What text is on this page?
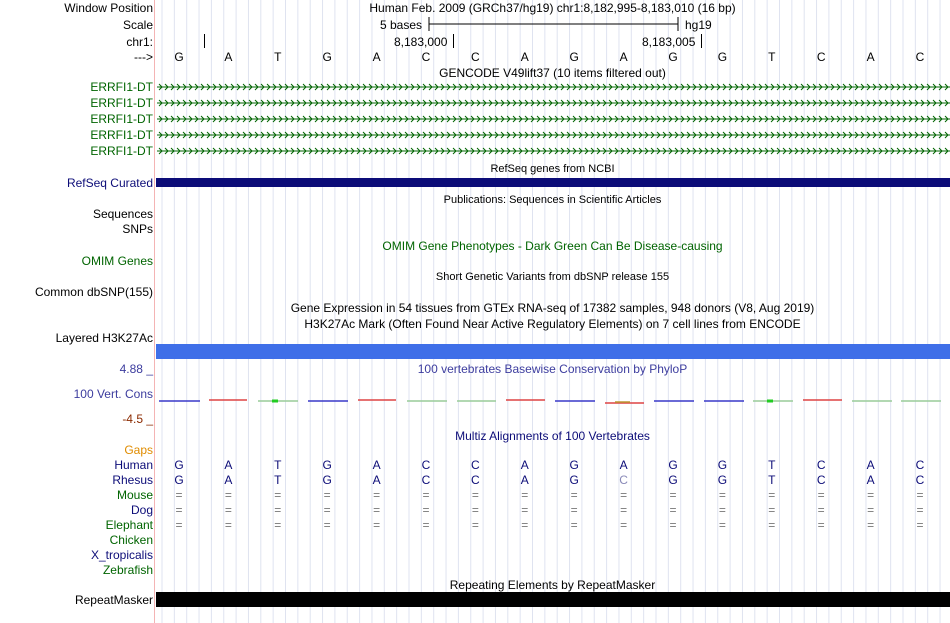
Window Position	Human Feb. 2009 (GRCh37/hg19) chr1:8,182,995-8,183,010 (16 bp)
Scale	5 bases	hg19
chr1:	8,183,000	8,183,005
---> G	A	T	G	A	C	C	A	G	A	G	G	T	C	A	C
GENCODE V49lift37 (10 items filtered out)
ERRFI1-DT
ERRFI1-DT
ERRFI1-DT
ERRFI1-DT
ERRFI1-DT
RefSeq genes from NCBI
RefSeq Curated
Publications: Sequences in Scientific Articles
Sequences
SNPs
OMIM Gene Phenotypes - Dark Green Can Be Disease-causing
OMIM Genes
Short Genetic Variants from dbSNP release 155
Common dbSNP(155)
Gene Expression in 54 tissues from GTEx RNA-seq of 17382 samples, 948 donors (V8, Aug 2019)
H3K27Ac Mark (Often Found Near Active Regulatory Elements) on 7 cell lines from ENCODE
Layered H3K27Ac
100 vertebrates Basewise Conservation by PhyloP
4.88 _
100 Vert. Cons
-4.5 _
Multiz Alignments of 100 Vertebrates
Gaps
Human G	A	T	G	A	C	C	A	G	A	G	G	T	C	A	C
Rhesus G	A	T	G	A	C	C	A	G	C	G	G	T	C	A	C
Mouse	=	=	=	=	=	=	=	=	=	=	=	=	=	=	=	=
Dog	=	=	=	=	=	=	=	=	=	=	=	=	=	=	=	=
Elephant	=	=	=	=	=	=	=	=	=	=	=	=	=	=	=	=
Chicken
X_tropicalis
Zebrafish
Repeating Elements by RepeatMasker
RepeatMasker
